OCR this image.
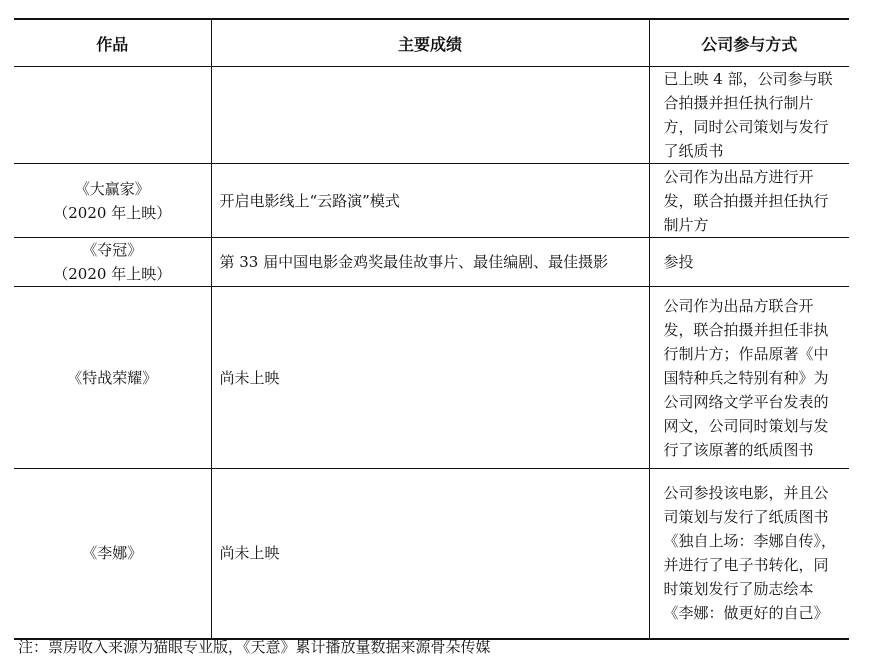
作品	主要成绩	公司参与方式
		已上映 4 部，公司参与联合拍摄并担任执行制片方，同时公司策划与发行了纸质书

《大赢家》
（2020 年上映）	开启电影线上“云路演”模式	公司作为出品方进行开发，联合拍摄并担任执行制片方

《夺冠》
（2020 年上映）	第 33 届中国电影金鸡奖最佳故事片、最佳编剧、最佳摄影	参投
《特战荣耀》	尚未上映	公司作为出品方联合开发，联合拍摄并担任非执行制片方；作品原著《中国特种兵之特别有种》为公司网络文学平台发表的网文，公司同时策划与发行了该原著的纸质图书
《李娜》	尚未上映	公司参投该电影，并且公司策划与发行了纸质图书《独自上场：李娜自传》，并进行了电子书转化，同时策划发行了励志绘本《李娜：做更好的自己》
注：票房收入来源为猫眼专业版，《天意》累计播放量数据来源骨朵传媒
